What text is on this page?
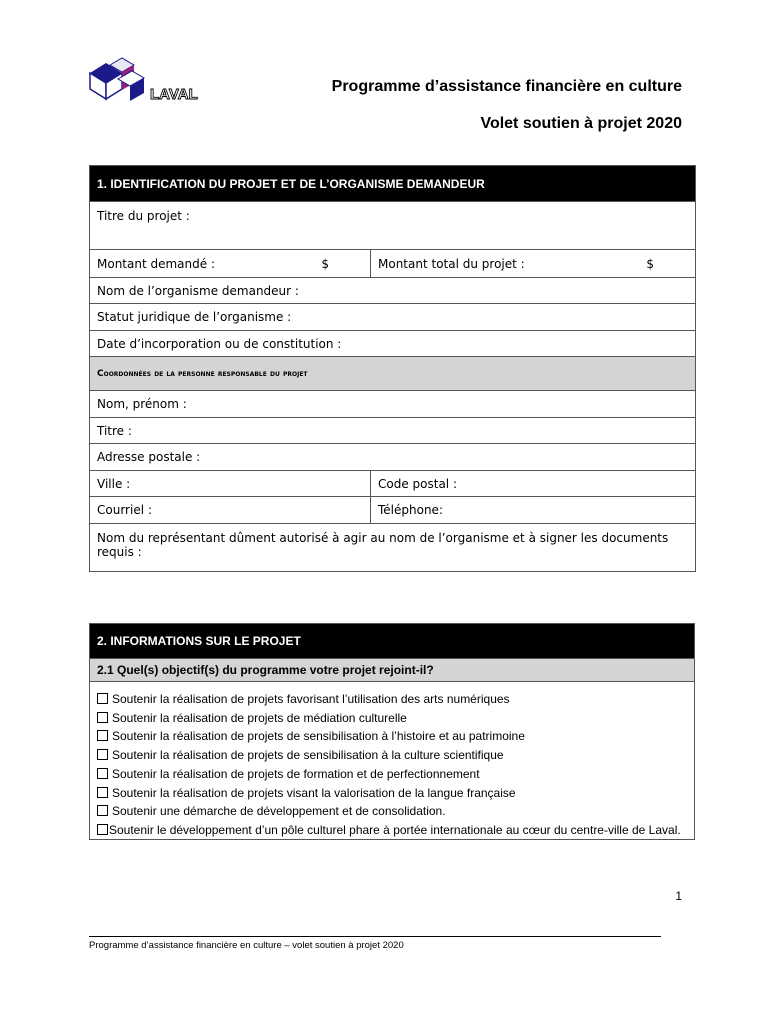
LAVAL	Programme d’assistance financière en culture
Volet soutien à projet 2020
1. IDENTIFICATION DU PROJET ET DE L’ORGANISME DEMANDEUR	
Titre du projet :	
Montant demandé : $	Montant total du projet : $

Nom de l’organisme demandeur :	
Statut juridique de l’organisme :	
Date d’incorporation ou de constitution :	
Coordonnées de la personne responsable du projet	
Nom, prénom :	
Titre :	
Adresse postale :	
Ville :	Code postal :
Courriel :	Téléphone:
Nom du représentant dûment autorisé à agir au nom de l’organisme et à signer les documents requis :	
2. INFORMATIONS SUR LE PROJET
2.1 Quel(s) objectif(s) du programme votre projet rejoint-il?

Soutenir la réalisation de projets favorisant l’utilisation des arts numériques
Soutenir la réalisation de projets de médiation culturelle
Soutenir la réalisation de projets de sensibilisation à l’histoire et au patrimoine
Soutenir la réalisation de projets de sensibilisation à la culture scientifique
Soutenir la réalisation de projets de formation et de perfectionnement
Soutenir la réalisation de projets visant la valorisation de la langue française
Soutenir une démarche de développement et de consolidation.
Soutenir le développement d’un pôle culturel phare à portée internationale au cœur du centre-ville de Laval.
1
Programme d’assistance financière en culture – volet soutien à projet 2020
